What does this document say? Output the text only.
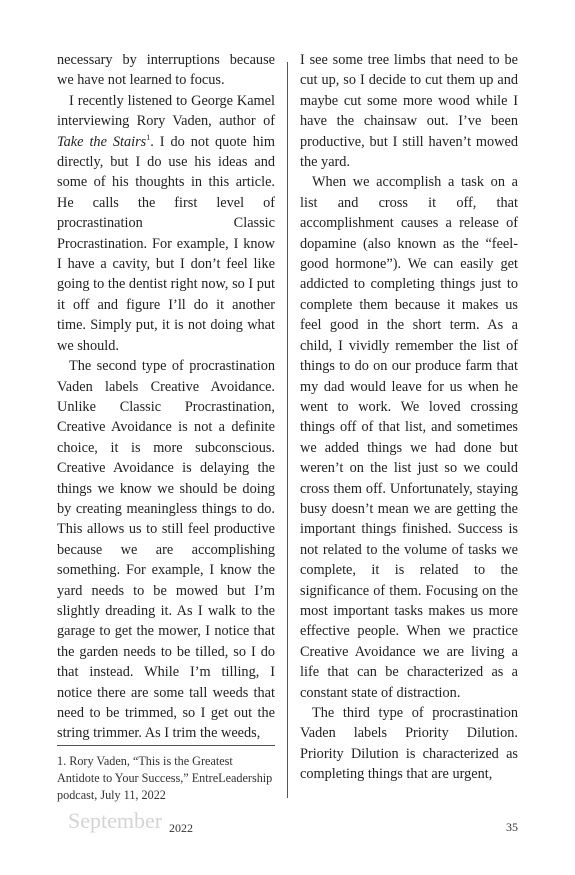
necessary by interruptions because we have not learned to focus.

I recently listened to George Kamel interviewing Rory Vaden, author of Take the Stairs$^1$. I do not quote him directly, but I do use his ideas and some of his thoughts in this article. He calls the first level of procrastination Classic Procrastination. For example, I know I have a cavity, but I don’t feel like going to the dentist right now, so I put it off and figure I’ll do it another time. Simply put, it is not doing what we should.

The second type of procrastination Vaden labels Creative Avoidance. Unlike Classic Procrastination, Creative Avoidance is not a definite choice, it is more subconscious. Creative Avoidance is delaying the things we know we should be doing by creating meaningless things to do. This allows us to still feel productive because we are accomplishing something. For example, I know the yard needs to be mowed but I’m slightly dreading it. As I walk to the garage to get the mower, I notice that the garden needs to be tilled, so I do that instead. While I’m tilling, I notice there are some tall weeds that need to be trimmed, so I get out the string trimmer. As I trim the weeds,

I see some tree limbs that need to be cut up, so I decide to cut them up and maybe cut some more wood while I have the chainsaw out. I’ve been productive, but I still haven’t mowed the yard.

When we accomplish a task on a list and cross it off, that accomplishment causes a release of dopamine (also known as the “feel-good hormone”). We can easily get addicted to completing things just to complete them because it makes us feel good in the short term. As a child, I vividly remember the list of things to do on our produce farm that my dad would leave for us when he went to work. We loved crossing things off of that list, and sometimes we added things we had done but weren’t on the list just so we could cross them off. Unfortunately, staying busy doesn’t mean we are getting the important things finished. Success is not related to the volume of tasks we complete, it is related to the significance of them. Focusing on the most important tasks makes us more effective people. When we practice Creative Avoidance we are living a life that can be characterized as a constant state of distraction.

The third type of procrastination Vaden labels Priority Dilution. Priority Dilution is characterized as completing things that are urgent,

1. Rory Vaden, “This is the Greatest Antidote to Your Success,” EntreLeadership podcast, July 11, 2022
September 2022	35
